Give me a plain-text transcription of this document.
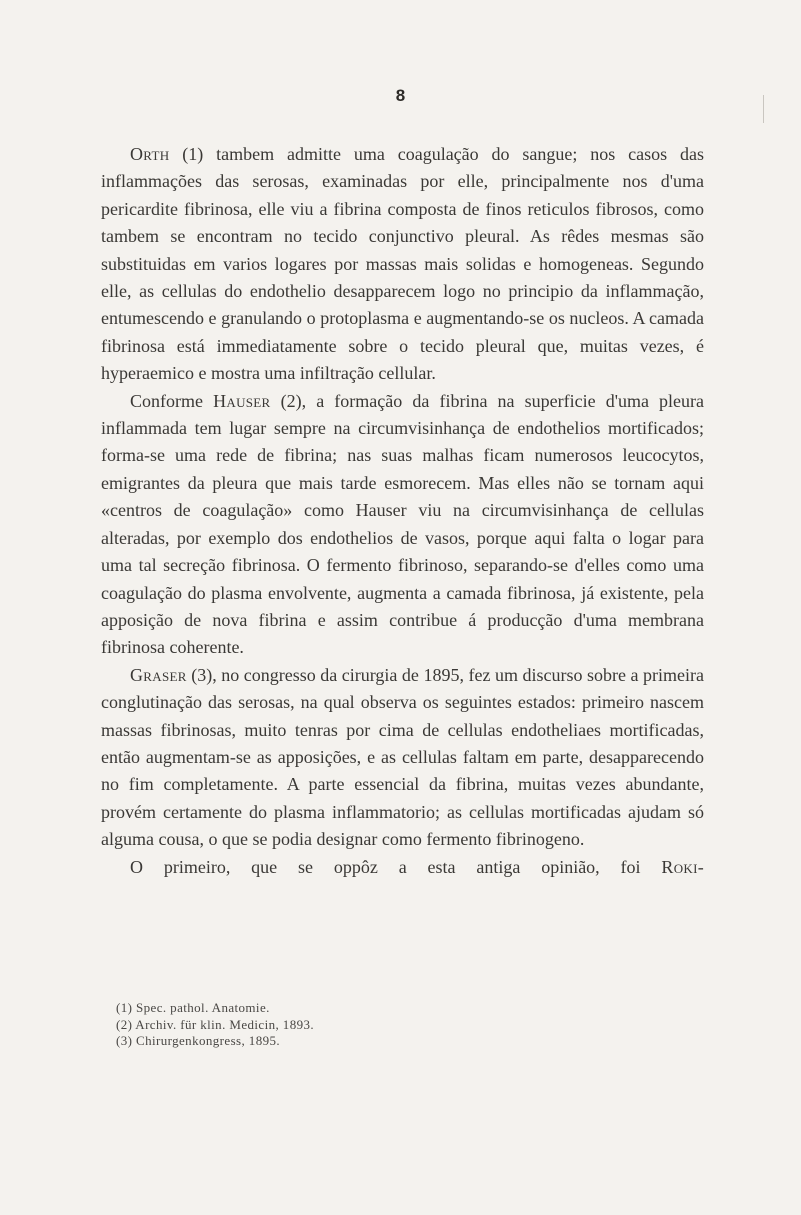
8

Orth (1) tambem admitte uma coagulação do sangue; nos casos das inflammações das serosas, examinadas por elle, principalmente nos d'uma pericardite fibrinosa, elle viu a fibrina composta de finos reticulos fibrosos, como tambem se encontram no tecido conjunctivo pleural. As rêdes mesmas são substituidas em varios logares por massas mais solidas e homogeneas. Segundo elle, as cellulas do endothelio desapparecem logo no principio da inflammação, entumescendo e granulando o protoplasma e augmentando-se os nucleos. A camada fibrinosa está immediatamente sobre o tecido pleural que, muitas vezes, é hyperaemico e mostra uma infiltração cellular.

Conforme Hauser (2), a formação da fibrina na superficie d'uma pleura inflammada tem lugar sempre na circumvisinhança de endothelios mortificados; forma-se uma rede de fibrina; nas suas malhas ficam numerosos leucocytos, emigrantes da pleura que mais tarde esmorecem. Mas elles não se tornam aqui «centros de coagulação» como Hauser viu na circumvisinhança de cellulas alteradas, por exemplo dos endothelios de vasos, porque aqui falta o logar para uma tal secreção fibrinosa. O fermento fibrinoso, separando-se d'elles como uma coagulação do plasma envolvente, augmenta a camada fibrinosa, já existente, pela apposição de nova fibrina e assim contribue á producção d'uma membrana fibrinosa coherente.

Graser (3), no congresso da cirurgia de 1895, fez um discurso sobre a primeira conglutinação das serosas, na qual observa os seguintes estados: primeiro nascem massas fibrinosas, muito tenras por cima de cellulas endotheliaes mortificadas, então augmentam-se as apposições, e as cellulas faltam em parte, desapparecendo no fim completamente. A parte essencial da fibrina, muitas vezes abundante, provém certamente do plasma inflammatorio; as cellulas mortificadas ajudam só alguma cousa, o que se podia designar como fermento fibrinogeno.

O primeiro, que se oppôz a esta antiga opinião, foi Roki-

(1) Spec. pathol. Anatomie.
(2) Archiv. für klin. Medicin, 1893.
(3) Chirurgenkongress, 1895.
